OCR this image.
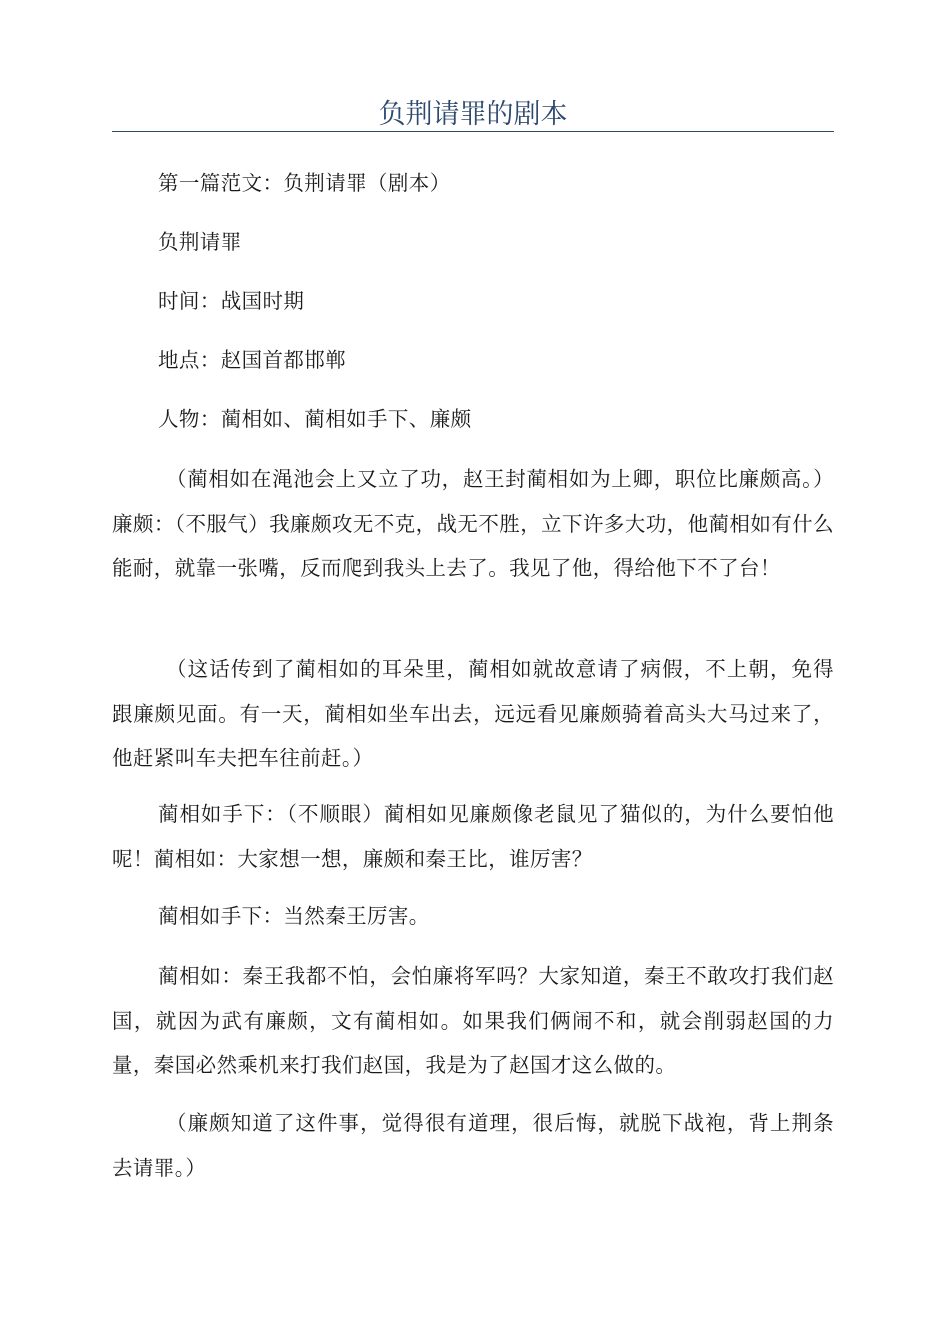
负荆请罪的剧本

第一篇范文：负荆请罪（剧本）

负荆请罪

时间：战国时期

地点：赵国首都邯郸

人物：蔺相如、蔺相如手下、廉颇

（蔺相如在渑池会上又立了功，赵王封蔺相如为上卿，职位比廉颇高。）廉颇：（不服气）我廉颇攻无不克，战无不胜，立下许多大功，他蔺相如有什么能耐，就靠一张嘴，反而爬到我头上去了。我见了他，得给他下不了台！

（这话传到了蔺相如的耳朵里，蔺相如就故意请了病假，不上朝，免得跟廉颇见面。有一天，蔺相如坐车出去，远远看见廉颇骑着高头大马过来了，他赶紧叫车夫把车往前赶。）

蔺相如手下：（不顺眼）蔺相如见廉颇像老鼠见了猫似的，为什么要怕他呢！蔺相如：大家想一想，廉颇和秦王比，谁厉害？

蔺相如手下：当然秦王厉害。

蔺相如：秦王我都不怕，会怕廉将军吗？大家知道，秦王不敢攻打我们赵国，就因为武有廉颇，文有蔺相如。如果我们俩闹不和，就会削弱赵国的力量，秦国必然乘机来打我们赵国，我是为了赵国才这么做的。

（廉颇知道了这件事，觉得很有道理，很后悔，就脱下战袍，背上荆条去请罪。）
